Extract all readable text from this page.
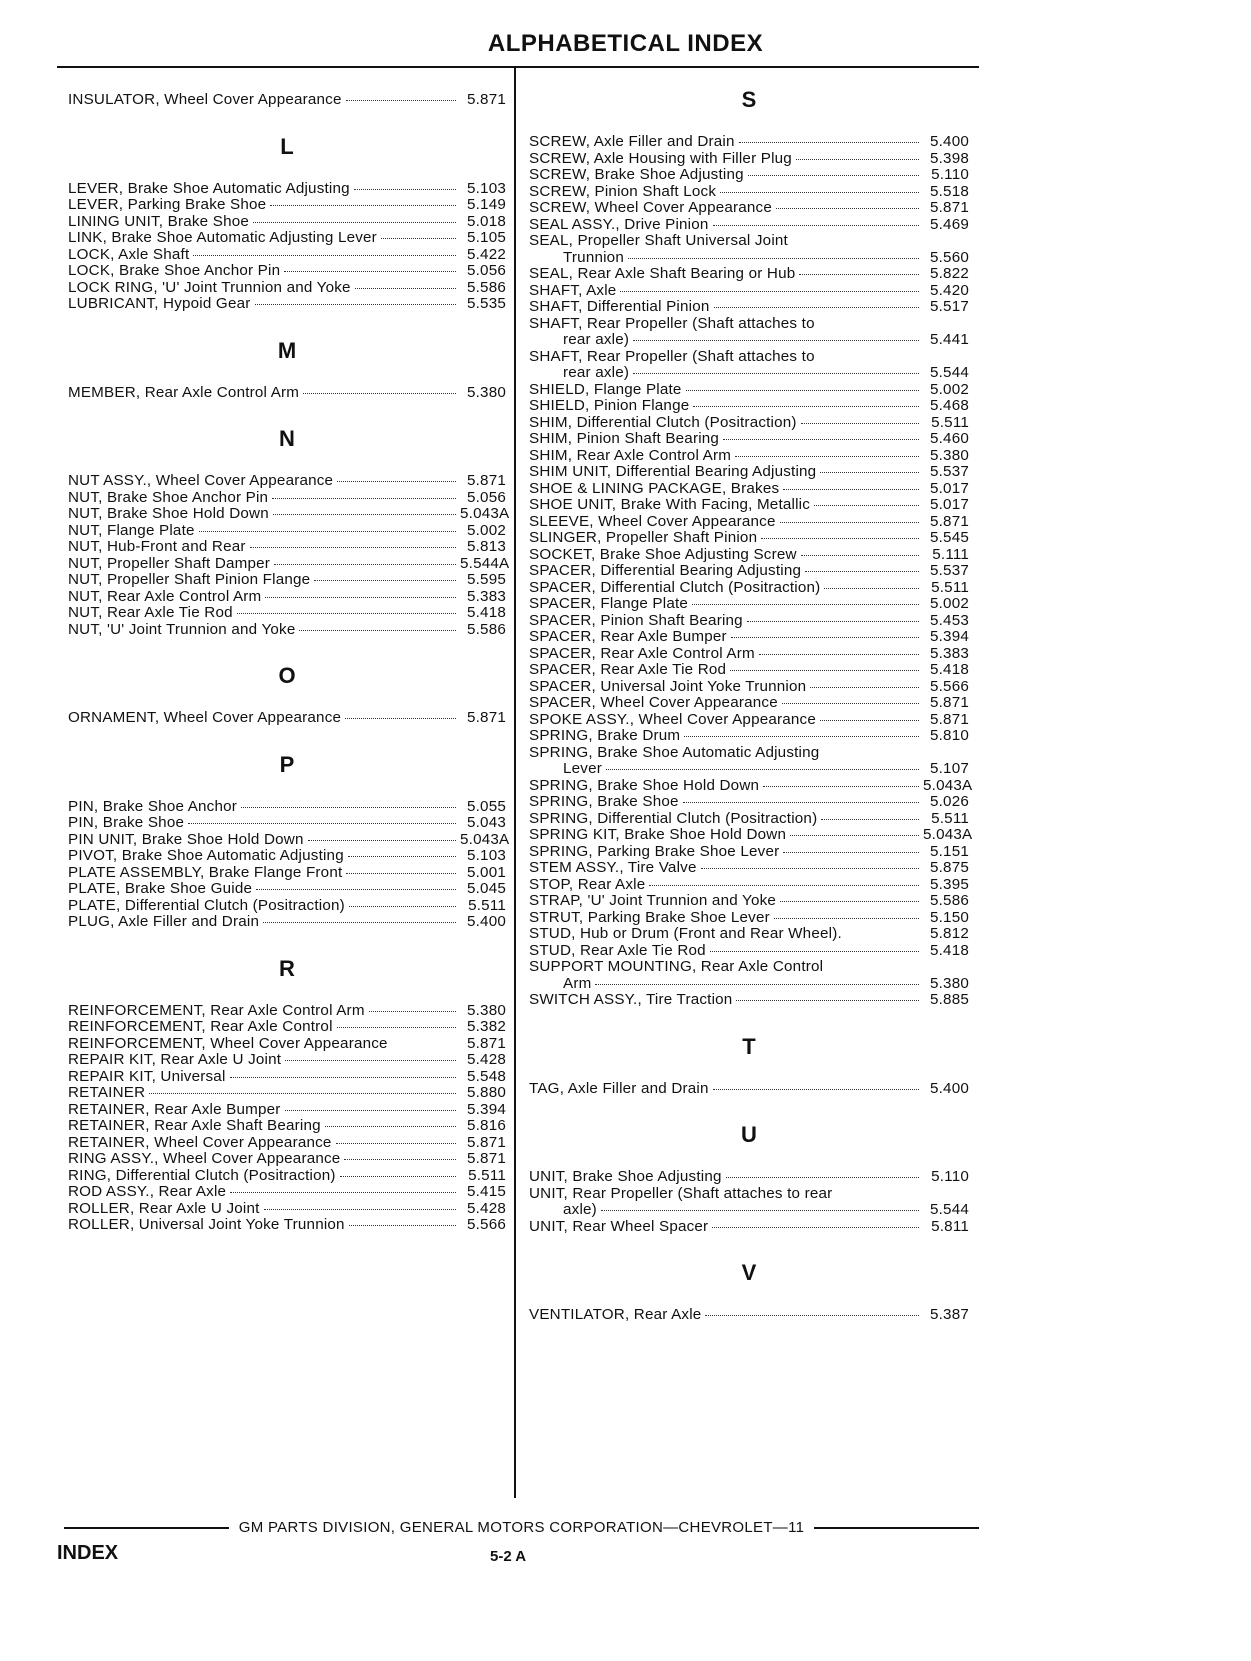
ALPHABETICAL INDEX
INSULATOR, Wheel Cover Appearance	5.871
L
LEVER, Brake Shoe Automatic Adjusting	5.103
LEVER, Parking Brake Shoe	5.149
LINING UNIT, Brake Shoe	5.018
LINK, Brake Shoe Automatic Adjusting Lever	5.105
LOCK, Axle Shaft	5.422
LOCK, Brake Shoe Anchor Pin	5.056
LOCK RING, 'U' Joint Trunnion and Yoke	5.586
LUBRICANT, Hypoid Gear	5.535
M
MEMBER, Rear Axle Control Arm	5.380
N
NUT ASSY., Wheel Cover Appearance	5.871
NUT, Brake Shoe Anchor Pin	5.056
NUT, Brake Shoe Hold Down	5.043A
NUT, Flange Plate	5.002
NUT, Hub-Front and Rear	5.813
NUT, Propeller Shaft Damper	5.544A
NUT, Propeller Shaft Pinion Flange	5.595
NUT, Rear Axle Control Arm	5.383
NUT, Rear Axle Tie Rod	5.418
NUT, 'U' Joint Trunnion and Yoke	5.586
O
ORNAMENT, Wheel Cover Appearance	5.871
P
PIN, Brake Shoe Anchor	5.055
PIN, Brake Shoe	5.043
PIN UNIT, Brake Shoe Hold Down	5.043A
PIVOT, Brake Shoe Automatic Adjusting	5.103
PLATE ASSEMBLY, Brake Flange Front	5.001
PLATE, Brake Shoe Guide	5.045
PLATE, Differential Clutch (Positraction)	5.511
PLUG, Axle Filler and Drain	5.400
R
REINFORCEMENT, Rear Axle Control Arm	5.380
REINFORCEMENT, Rear Axle Control	5.382
REINFORCEMENT, Wheel Cover Appearance	5.871
REPAIR KIT, Rear Axle U Joint	5.428
REPAIR KIT, Universal	5.548
RETAINER	5.880
RETAINER, Rear Axle Bumper	5.394
RETAINER, Rear Axle Shaft Bearing	5.816
RETAINER, Wheel Cover Appearance	5.871
RING ASSY., Wheel Cover Appearance	5.871
RING, Differential Clutch (Positraction)	5.511
ROD ASSY., Rear Axle	5.415
ROLLER, Rear Axle U Joint	5.428
ROLLER, Universal Joint Yoke Trunnion	5.566
S
SCREW, Axle Filler and Drain	5.400
SCREW, Axle Housing with Filler Plug	5.398
SCREW, Brake Shoe Adjusting	5.110
SCREW, Pinion Shaft Lock	5.518
SCREW, Wheel Cover Appearance	5.871
SEAL ASSY., Drive Pinion	5.469
SEAL, Propeller Shaft Universal Joint
Trunnion	5.560
SEAL, Rear Axle Shaft Bearing or Hub	5.822
SHAFT, Axle	5.420
SHAFT, Differential Pinion	5.517
SHAFT, Rear Propeller (Shaft attaches to
rear axle)	5.441
SHAFT, Rear Propeller (Shaft attaches to
rear axle)	5.544
SHIELD, Flange Plate	5.002
SHIELD, Pinion Flange	5.468
SHIM, Differential Clutch (Positraction)	5.511
SHIM, Pinion Shaft Bearing	5.460
SHIM, Rear Axle Control Arm	5.380
SHIM UNIT, Differential Bearing Adjusting	5.537
SHOE & LINING PACKAGE, Brakes	5.017
SHOE UNIT, Brake With Facing, Metallic	5.017
SLEEVE, Wheel Cover Appearance	5.871
SLINGER, Propeller Shaft Pinion	5.545
SOCKET, Brake Shoe Adjusting Screw	5.111
SPACER, Differential Bearing Adjusting	5.537
SPACER, Differential Clutch (Positraction)	5.511
SPACER, Flange Plate	5.002
SPACER, Pinion Shaft Bearing	5.453
SPACER, Rear Axle Bumper	5.394
SPACER, Rear Axle Control Arm	5.383
SPACER, Rear Axle Tie Rod	5.418
SPACER, Universal Joint Yoke Trunnion	5.566
SPACER, Wheel Cover Appearance	5.871
SPOKE ASSY., Wheel Cover Appearance	5.871
SPRING, Brake Drum	5.810
SPRING, Brake Shoe Automatic Adjusting
Lever	5.107
SPRING, Brake Shoe Hold Down	5.043A
SPRING, Brake Shoe	5.026
SPRING, Differential Clutch (Positraction)	5.511
SPRING KIT, Brake Shoe Hold Down	5.043A
SPRING, Parking Brake Shoe Lever	5.151
STEM ASSY., Tire Valve	5.875
STOP, Rear Axle	5.395
STRAP, 'U' Joint Trunnion and Yoke	5.586
STRUT, Parking Brake Shoe Lever	5.150
STUD, Hub or Drum (Front and Rear Wheel).	5.812
STUD, Rear Axle Tie Rod	5.418
SUPPORT MOUNTING, Rear Axle Control
Arm	5.380
SWITCH ASSY., Tire Traction	5.885
T
TAG, Axle Filler and Drain	5.400
U
UNIT, Brake Shoe Adjusting	5.110
UNIT, Rear Propeller (Shaft attaches to rear
axle)	5.544
UNIT, Rear Wheel Spacer	5.811
V
VENTILATOR, Rear Axle	5.387
GM PARTS DIVISION, GENERAL MOTORS CORPORATION—CHEVROLET—11
INDEX	5-2 A
